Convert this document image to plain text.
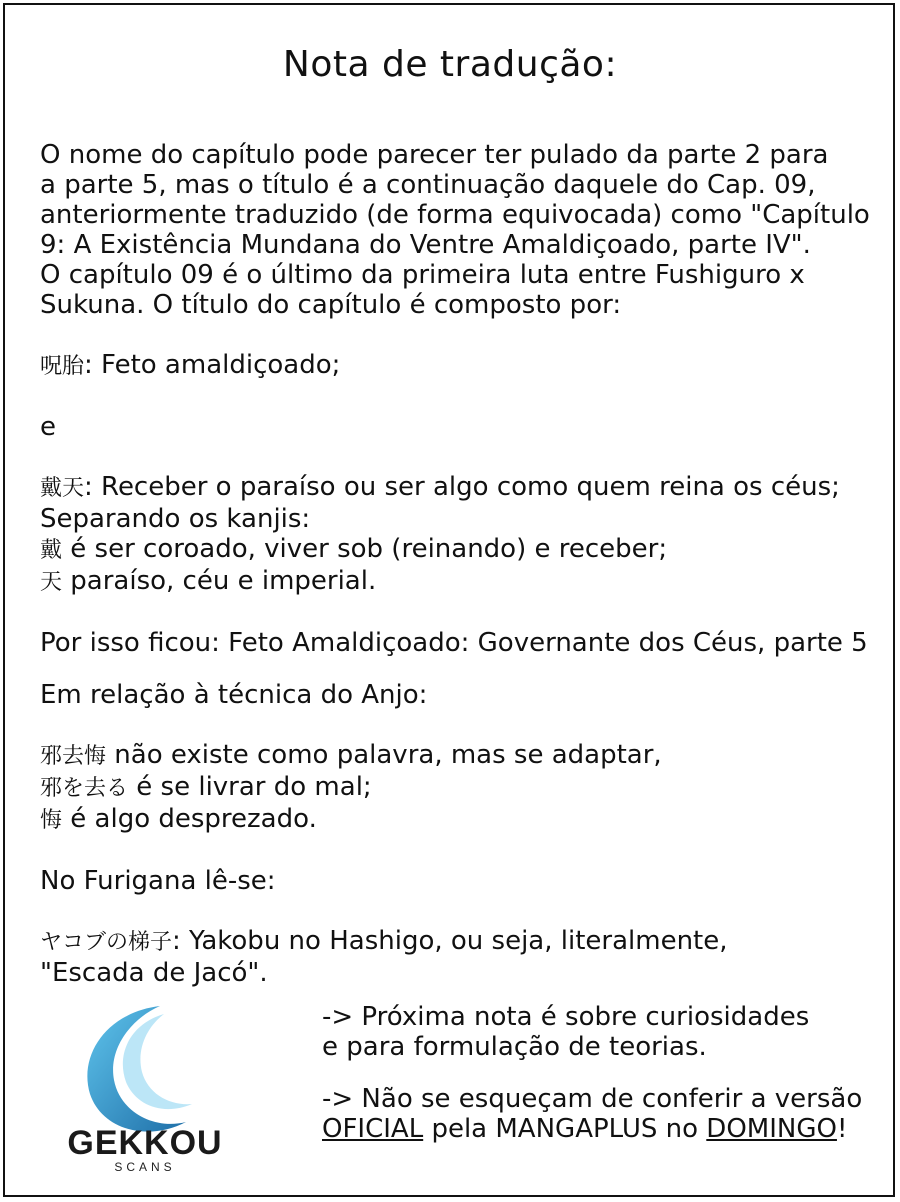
Nota de tradução:

O nome do capítulo pode parecer ter pulado da parte 2 para

a parte 5, mas o título é a continuação daquele do Cap. 09,

anteriormente traduzido (de forma equivocada) como "Capítulo

9: A Existência Mundana do Ventre Amaldiçoado, parte IV".

O capítulo 09 é o último da primeira luta entre Fushiguro x

Sukuna. O título do capítulo é composto por:

呪胎: Feto amaldiçoado;

e

戴天: Receber o paraíso ou ser algo como quem reina os céus;

Separando os kanjis:

戴 é ser coroado, viver sob (reinando) e receber;

天 paraíso, céu e imperial.

Por isso ficou: Feto Amaldiçoado: Governante dos Céus, parte 5

Em relação à técnica do Anjo:

邪去悔 não existe como palavra, mas se adaptar,

邪を去る é se livrar do mal;

悔 é algo desprezado.

No Furigana lê-se:

ヤコブの梯子: Yakobu no Hashigo, ou seja, literalmente,

"Escada de Jacó".

GEKKOU
SCANS

-> Próxima nota é sobre curiosidades

e para formulação de teorias.

-> Não se esqueçam de conferir a versão

OFICIAL pela MANGAPLUS no DOMINGO!
